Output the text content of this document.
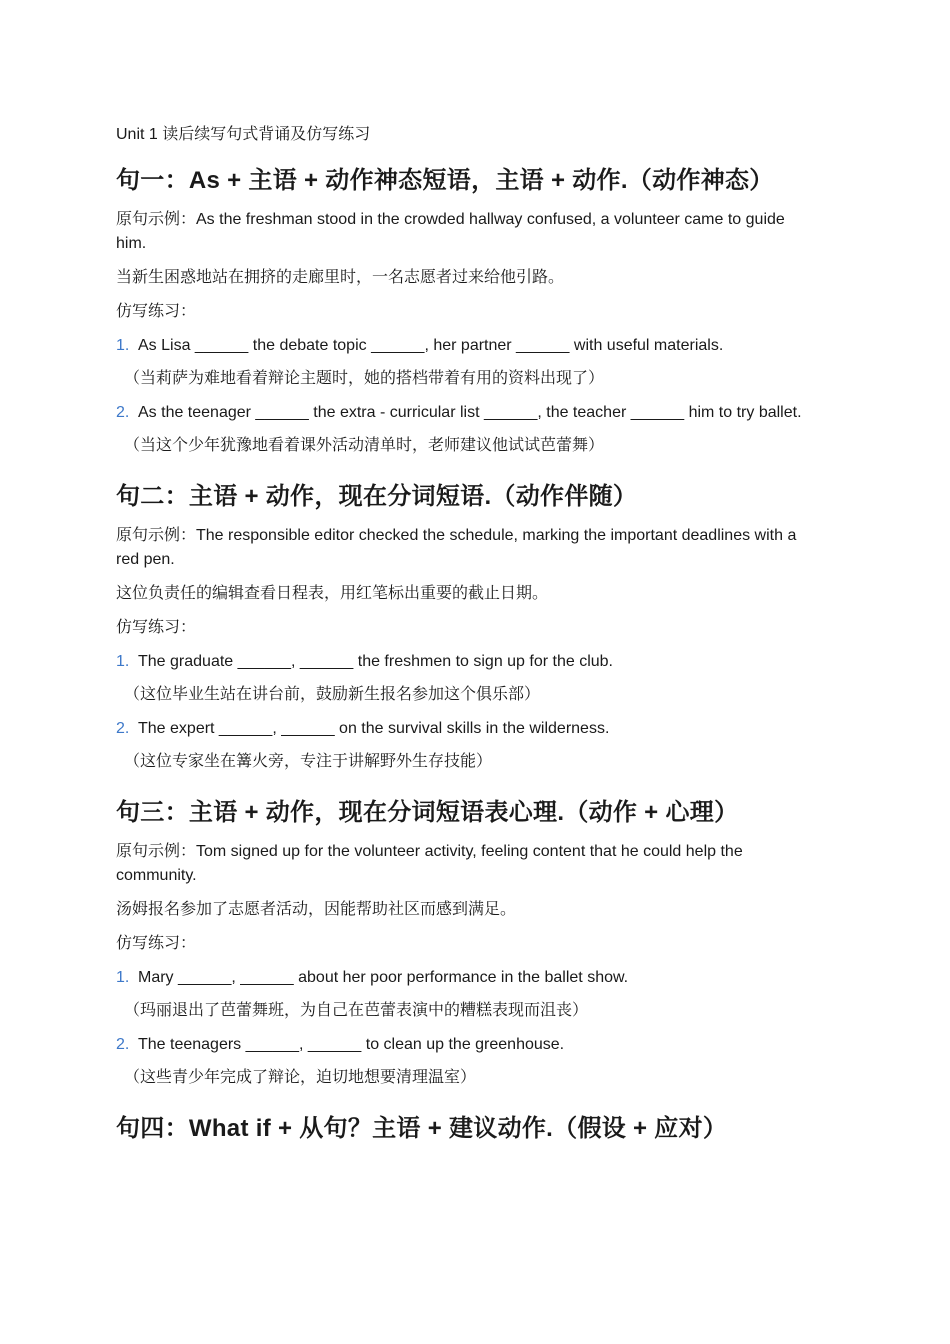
Unit 1 读后续写句式背诵及仿写练习
句一：As + 主语 + 动作神态短语，主语 + 动作.（动作神态）
原句示例：As the freshman stood in the crowded hallway confused, a volunteer came to guide him.
当新生困惑地站在拥挤的走廊里时，一名志愿者过来给他引路。
仿写练习：
1. As Lisa ______ the debate topic ______, her partner ______ with useful materials.
（当莉萨为难地看着辩论主题时，她的搭档带着有用的资料出现了）
2. As the teenager ______ the extra - curricular list ______, the teacher ______ him to try ballet.
（当这个少年犹豫地看着课外活动清单时，老师建议他试试芭蕾舞）
句二：主语 + 动作，现在分词短语.（动作伴随）
原句示例：The responsible editor checked the schedule, marking the important deadlines with a red pen.
这位负责任的编辑查看日程表，用红笔标出重要的截止日期。
仿写练习：
1. The graduate ______, ______ the freshmen to sign up for the club.
（这位毕业生站在讲台前，鼓励新生报名参加这个俱乐部）
2. The expert ______, ______ on the survival skills in the wilderness.
（这位专家坐在篝火旁，专注于讲解野外生存技能）
句三：主语 + 动作，现在分词短语表心理.（动作 + 心理）
原句示例：Tom signed up for the volunteer activity, feeling content that he could help the community.
汤姆报名参加了志愿者活动，因能帮助社区而感到满足。
仿写练习：
1. Mary ______, ______ about her poor performance in the ballet show.
（玛丽退出了芭蕾舞班，为自己在芭蕾表演中的糟糕表现而沮丧）
2. The teenagers ______, ______ to clean up the greenhouse.
（这些青少年完成了辩论，迫切地想要清理温室）
句四：What if + 从句？主语 + 建议动作.（假设 + 应对）
